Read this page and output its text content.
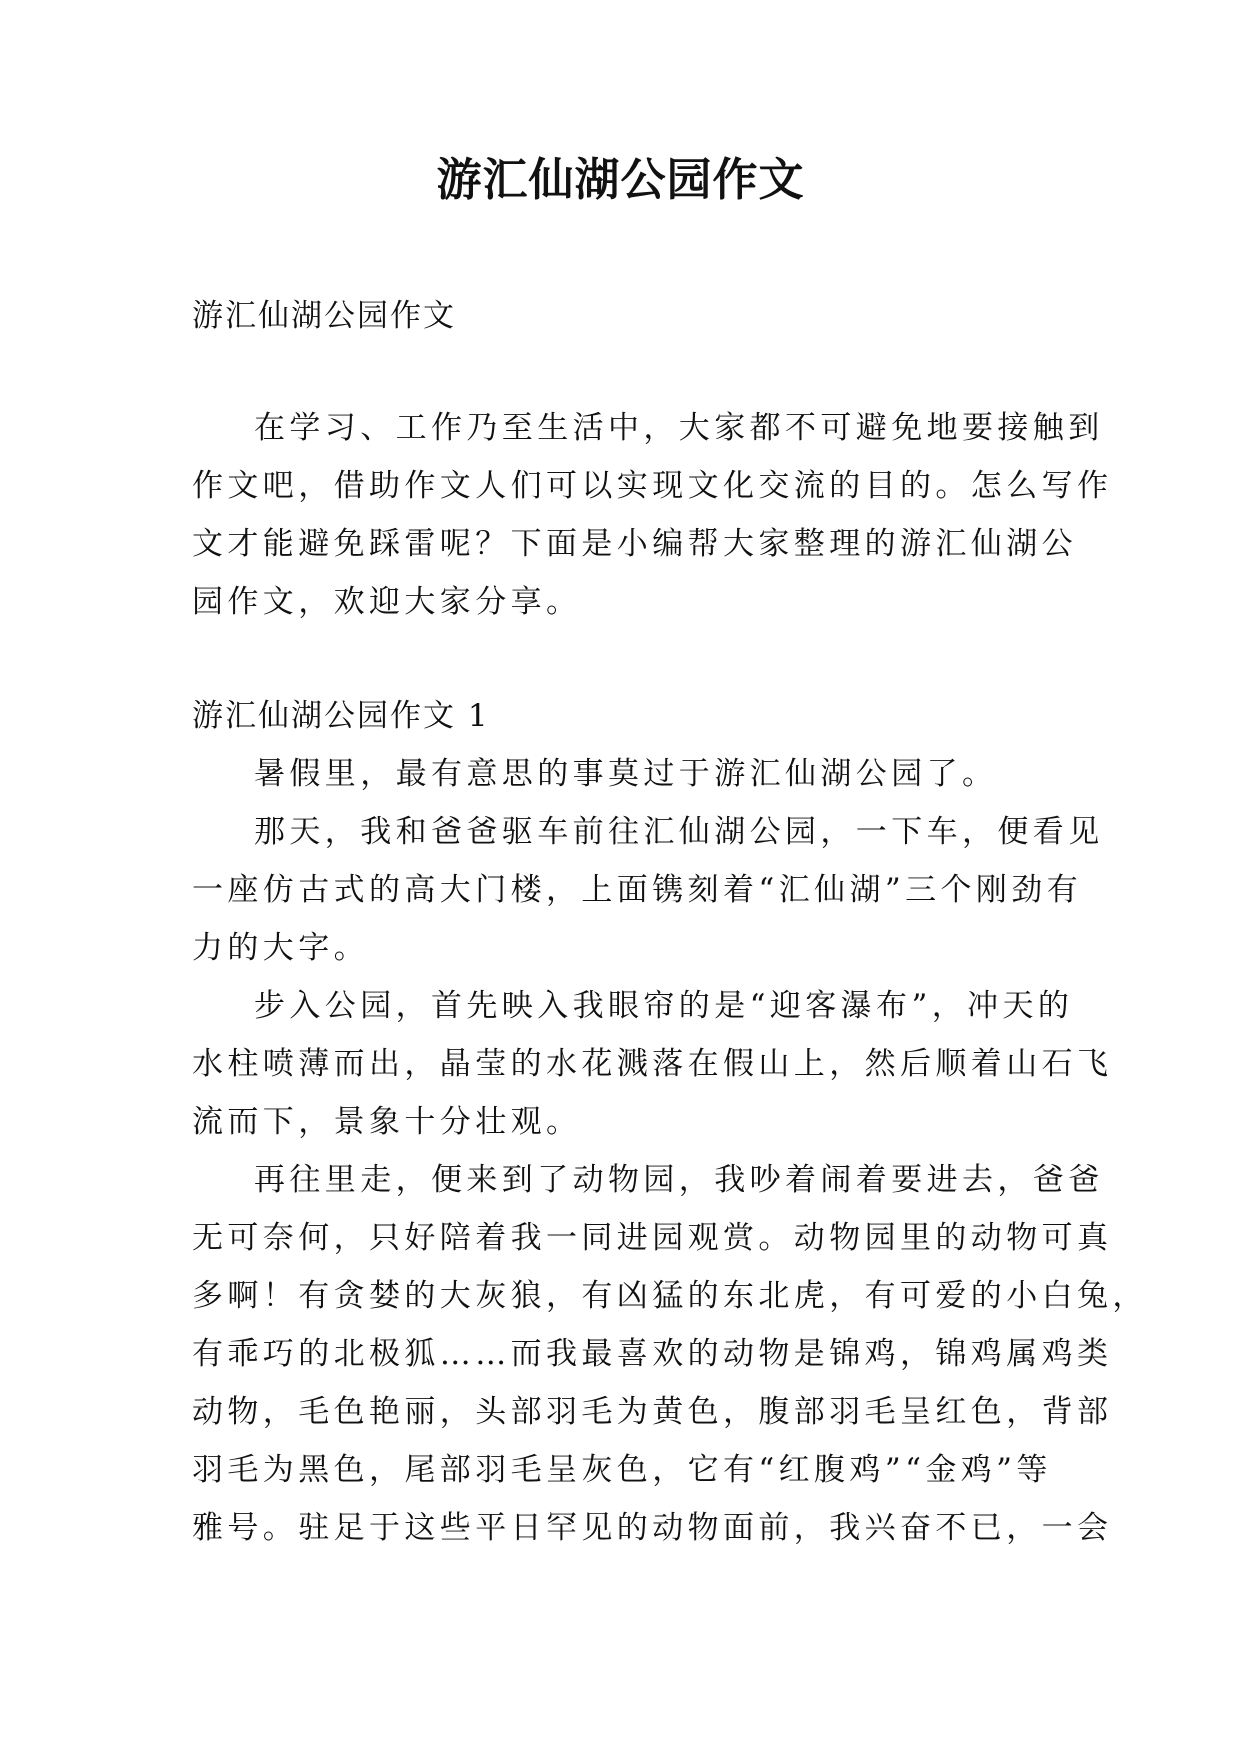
游汇仙湖公园作文
游汇仙湖公园作文
在学习、工作乃至生活中，大家都不可避免地要接触到
作文吧，借助作文人们可以实现文化交流的目的。怎么写作
文才能避免踩雷呢？下面是小编帮大家整理的游汇仙湖公
园作文，欢迎大家分享。
游汇仙湖公园作文 1
暑假里，最有意思的事莫过于游汇仙湖公园了。
那天，我和爸爸驱车前往汇仙湖公园，一下车，便看见
一座仿古式的高大门楼，上面镌刻着“汇仙湖”三个刚劲有
力的大字。
步入公园，首先映入我眼帘的是“迎客瀑布”，冲天的
水柱喷薄而出，晶莹的水花溅落在假山上，然后顺着山石飞
流而下，景象十分壮观。
再往里走，便来到了动物园，我吵着闹着要进去，爸爸
无可奈何，只好陪着我一同进园观赏。动物园里的动物可真
多啊！有贪婪的大灰狼，有凶猛的东北虎，有可爱的小白兔，
有乖巧的北极狐……而我最喜欢的动物是锦鸡，锦鸡属鸡类
动物，毛色艳丽，头部羽毛为黄色，腹部羽毛呈红色，背部
羽毛为黑色，尾部羽毛呈灰色，它有“红腹鸡”“金鸡”等
雅号。驻足于这些平日罕见的动物面前，我兴奋不已，一会
